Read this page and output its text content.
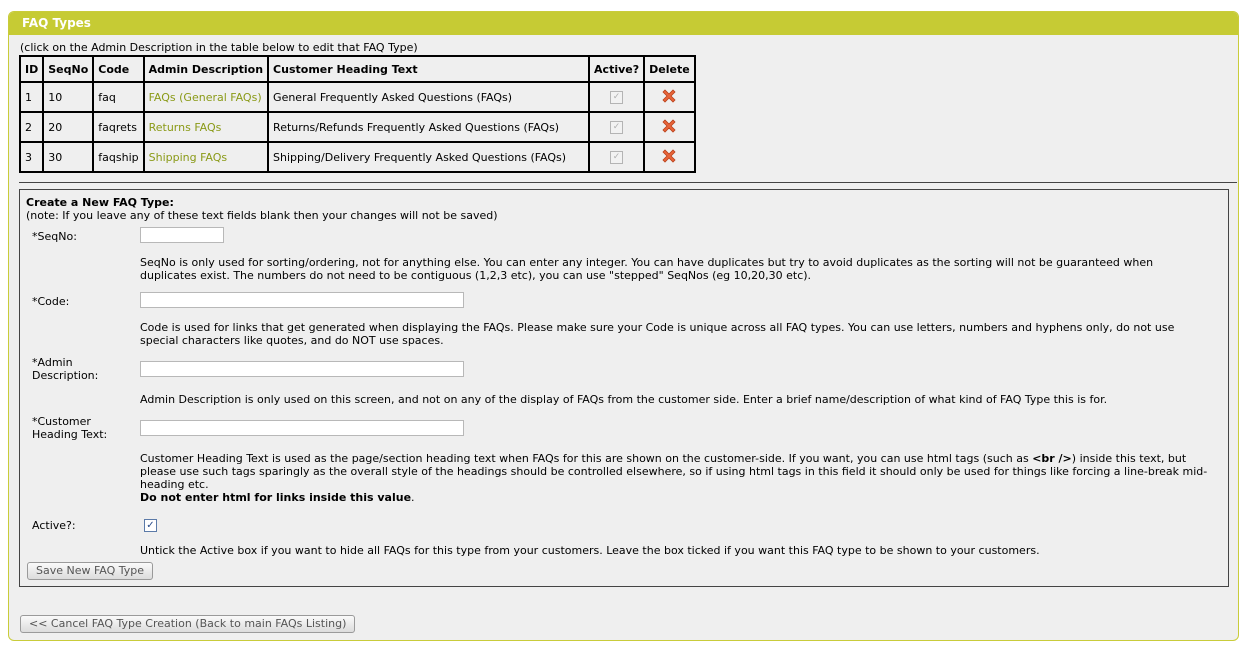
FAQ Types
(click on the Admin Description in the table below to edit that FAQ Type)
ID	SeqNo	Code	Admin Description	Customer Heading Text	Active?	Delete
1	10	faq	FAQs (General FAQs)	General Frequently Asked Questions (FAQs)	✓	
2	20	faqrets	Returns FAQs	Returns/Refunds Frequently Asked Questions (FAQs)	✓	
3	30	faqship	Shipping FAQs	Shipping/Delivery Frequently Asked Questions (FAQs)	✓	
Create a New FAQ Type:
(note: If you leave any of these text fields blank then your changes will not be saved)
*SeqNo:
SeqNo is only used for sorting/ordering, not for anything else. You can enter any integer. You can have duplicates but try to avoid duplicates as the sorting will not be guaranteed when duplicates exist. The numbers do not need to be contiguous (1,2,3 etc), you can use "stepped" SeqNos (eg 10,20,30 etc).
*Code:
Code is used for links that get generated when displaying the FAQs. Please make sure your Code is unique across all FAQ types. You can use letters, numbers and hyphens only, do not use special characters like quotes, and do NOT use spaces.
*Admin
Description:
Admin Description is only used on this screen, and not on any of the display of FAQs from the customer side. Enter a brief name/description of what kind of FAQ Type this is for.
*Customer
Heading Text:
Customer Heading Text is used as the page/section heading text when FAQs for this are shown on the customer-side. If you want, you can use html tags (such as <br />) inside this text, but please use such tags sparingly as the overall style of the headings should be controlled elsewhere, so if using html tags in this field it should only be used for things like forcing a line-break mid-heading etc.
Do not enter html for links inside this value.
Active?:	✓
Untick the Active box if you want to hide all FAQs for this type from your customers. Leave the box ticked if you want this FAQ type to be shown to your customers.
Save New FAQ Type
<< Cancel FAQ Type Creation (Back to main FAQs Listing)
